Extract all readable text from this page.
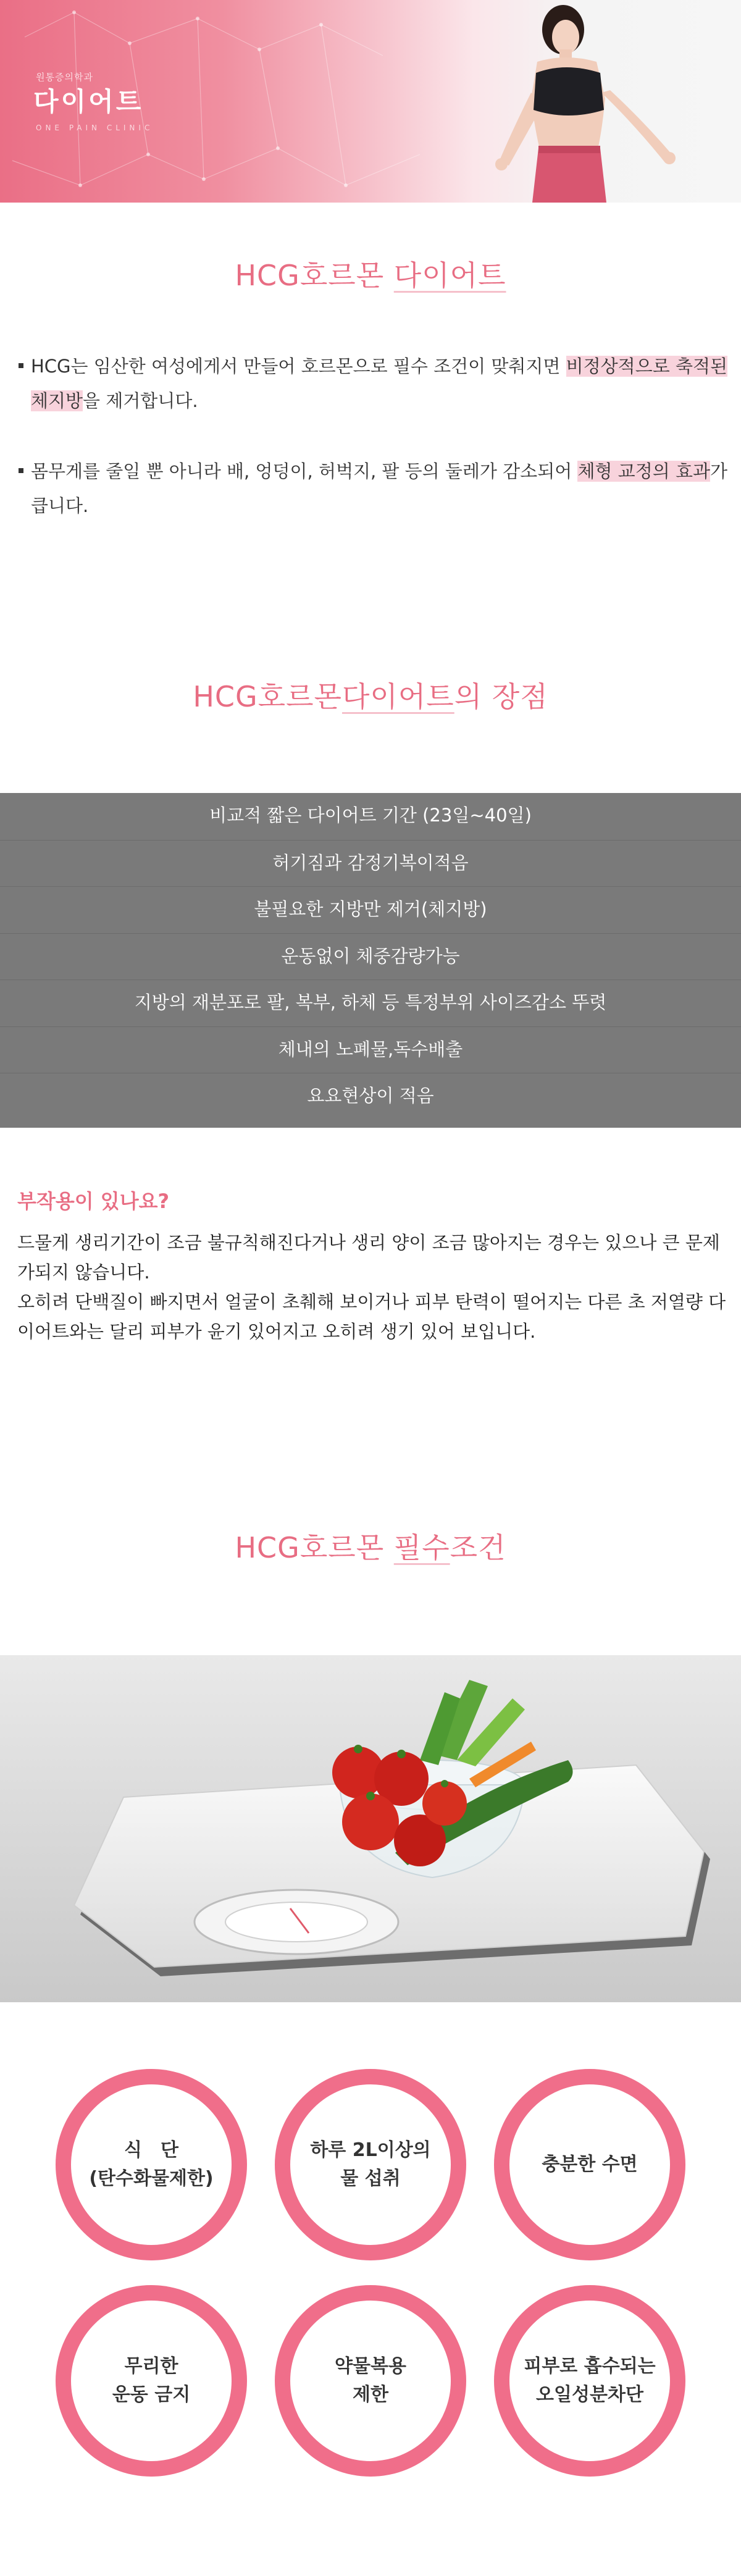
원통증의학과
다이어트
ONE PAIN CLINIC
HCG호르몬 다이어트
HCG는 임산한 여성에게서 만들어 호르몬으로 필수 조건이 맞춰지면 비정상적으로 축적된 체지방을 제거합니다.
몸무게를 줄일 뿐 아니라 배, 엉덩이, 허벅지, 팔 등의 둘레가 감소되어 체형 교정의 효과가 큽니다.
HCG호르몬다이어트의 장점
비교적 짧은 다이어트 기간 (23일~40일)
허기짐과 감정기복이적음
불필요한 지방만 제거(체지방)
운동없이 체중감량가능
지방의 재분포로 팔, 복부, 하체 등 특정부위 사이즈감소 뚜렷
체내의 노폐물,독수배출
요요현상이 적음
부작용이 있나요?
드물게 생리기간이 조금 불규칙해진다거나 생리 양이 조금 많아지는 경우는 있으나 큰 문제가되지 않습니다.
오히려 단백질이 빠지면서 얼굴이 초췌해 보이거나 피부 탄력이 떨어지는 다른 초 저열량 다이어트와는 달리 피부가 윤기 있어지고 오히려 생기 있어 보입니다.
HCG호르몬 필수조건
식　단
(탄수화물제한)
하루 2L이상의
물 섭취
충분한 수면
무리한
운동 금지
약물복용
제한
피부로 흡수되는
오일성분차단
